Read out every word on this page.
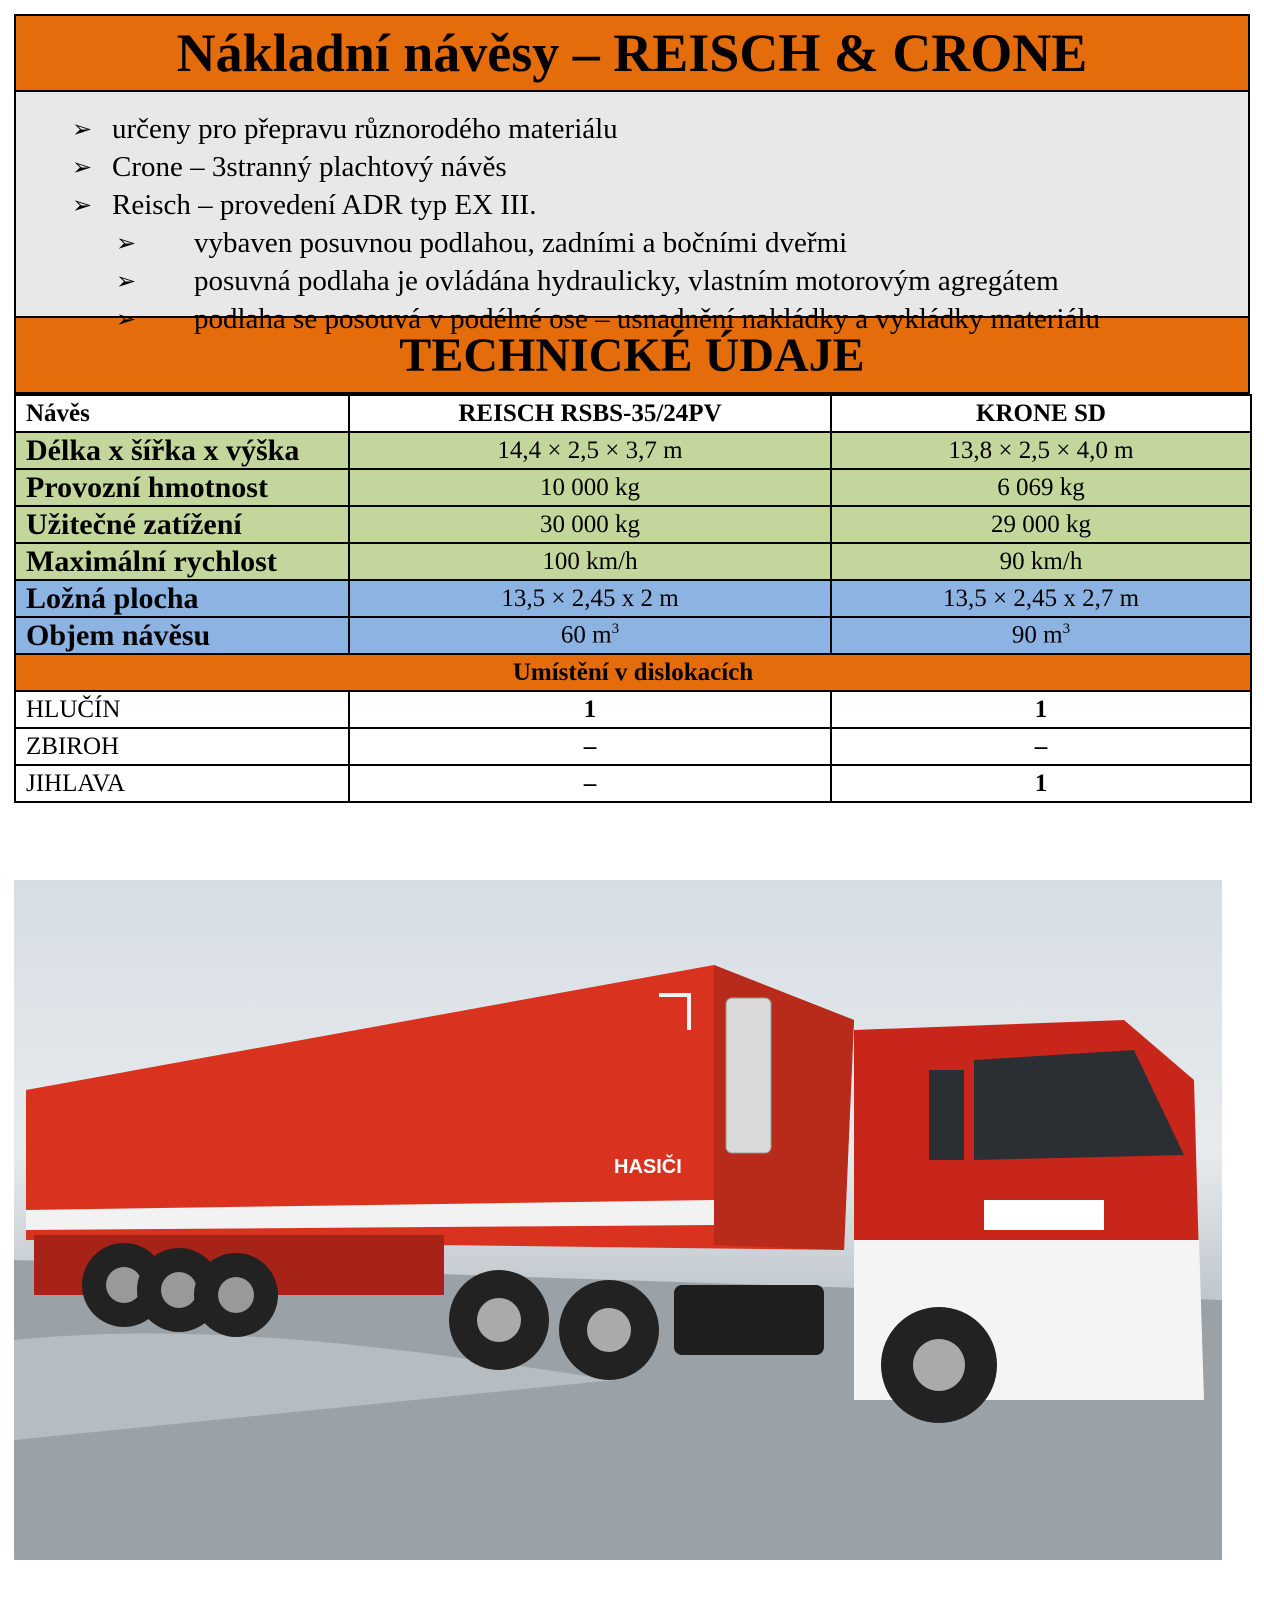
Nákladní návěsy – REISCH & CRONE
➢ určeny pro přepravu různorodého materiálu
➢ Crone – 3stranný plachtový návěs
➢ Reisch – provedení ADR typ EX III.
➢	vybaven posuvnou podlahou, zadními a bočními dveřmi
➢	posuvná podlaha je ovládána hydraulicky, vlastním motorovým agregátem
➢	podlaha se posouvá v podélné ose – usnadnění nakládky a vykládky materiálu
TECHNICKÉ ÚDAJE
Návěs	REISCH RSBS-35/24PV	KRONE SD
Délka x šířka x výška	14,4 × 2,5 × 3,7 m	13,8 × 2,5 × 4,0 m
Provozní hmotnost	10 000 kg	6 069 kg
Užitečné zatížení	30 000 kg	29 000 kg
Maximální rychlost	100 km/h	90 km/h
Ložná plocha	13,5 × 2,45 x 2 m	13,5 × 2,45 x 2,7 m
Objem návěsu	60 $m^3$	90 $m^3$
Umístění v dislokacích		
HLUČÍN	1	1
ZBIROH	–	–
JIHLAVA	–	1
HASIČI
